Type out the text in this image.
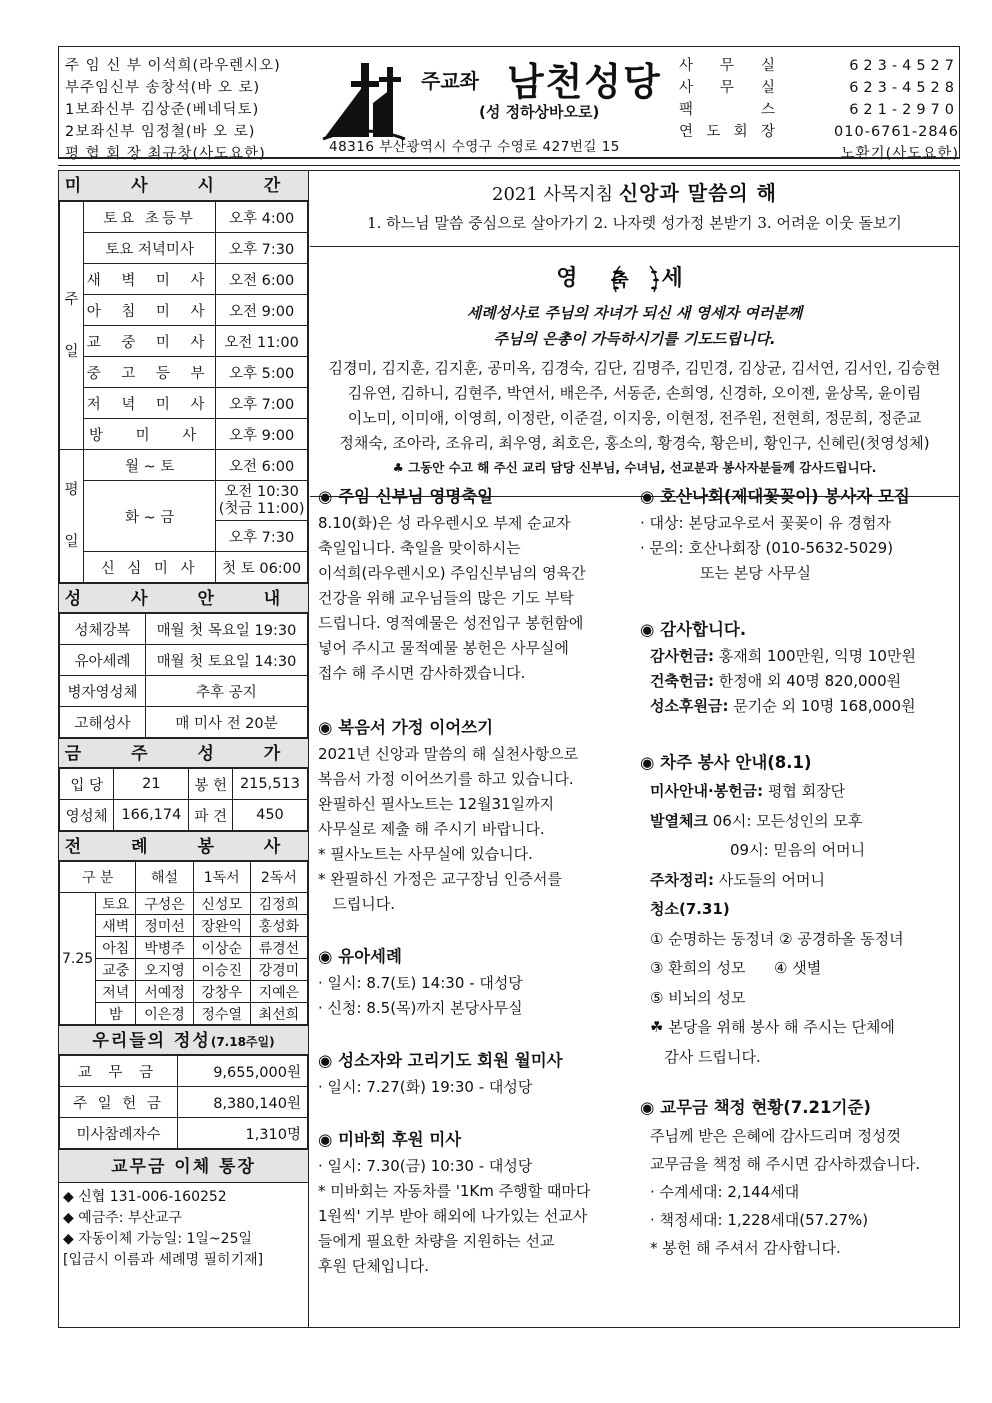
주 임 신 부 이석희(라우렌시오)
부주임신부 송창석(바 오 로)
1보좌신부 김상준(베네딕토)
2보좌신부 임정철(바 오 로)
평 협 회 장 최규창(사도요한)
주교좌 남천성당
(성 정하상바오로)
48316 부산광역시 수영구 수영로 427번길 15
사 무 실	623-4527
사 무 실	623-4528
팩	스	621-2970
연 도 회 장	010-6761-2846
노환기(사도요한)
미 사 시 간
주

일	토요 초등부	오후 4:00
	토요 저녁미사	오후 7:30
	새 벽 미 사	오전 6:00
	아 침 미 사	오전 9:00
	교 중 미 사	오전 11:00
	중 고 등 부	오후 5:00
	저 녁 미 사	오후 7:00
	방 미 사	오후 9:00
평

일	월 ~ 토	오전 6:00
	화 ~ 금	오전 10:30
(첫금 11:00)
		오후 7:30
	신 심 미 사	첫 토 06:00
성 사 안 내
성체강복	매월 첫 목요일 19:30
유아세례	매월 첫 토요일 14:30
병자영성체	추후 공지
고해성사	매 미사 전 20분
금 주 성 가
입 당	21	봉 헌	215,513
영성체	166,174	파 견	450
전 례 봉 사
구 분		해설	1독서	2독서
7.25	토요	구성은	신성모	김정희
	새벽	정미선	장완익	홍성화
	아침	박병주	이상순	류경선
	교중	오지영	이승진	강경미
	저녁	서예정	강창우	지예은
	밤	이은경	정수열	최선희
우리들의 정성(7.18주일)
교 무 금	9,655,000원
주 일 헌 금	8,380,140원
미사참례자수	1,310명
교무금 이체 통장
◆ 신협 131-006-160252
◆ 예금주: 부산교구
◆ 자동이체 가능일: 1일~25일
[입금시 이름과 세례명 필히기재]
2021 사목지침 신앙과 말씀의 해
1. 하느님 말씀 중심으로 살아가기 2. 나자렛 성가정 본받기 3. 어려운 이웃 돌보기
영 축 세
세례성사로 주님의 자녀가 되신 새 영세자 여러분께
주님의 은총이 가득하시기를 기도드립니다.
김경미, 김지훈, 김지훈, 공미옥, 김경숙, 김단, 김명주, 김민경, 김상균, 김서연, 김서인, 김승현
김유연, 김하니, 김현주, 박연서, 배은주, 서동준, 손희영, 신경하, 오이젠, 윤상목, 윤이림
이노미, 이미애, 이영희, 이정란, 이준걸, 이지웅, 이현정, 전주원, 전현희, 정문희, 정준교
정채숙, 조아라, 조유리, 최우영, 최호은, 홍소의, 황경숙, 황은비, 황인구, 신혜린(첫영성체)
♣ 그동안 수고 해 주신 교리 담당 신부님, 수녀님, 선교분과 봉사자분들께 감사드립니다.
◉ 주임 신부님 영명축일
8.10(화)은 성 라우렌시오 부제 순교자
축일입니다. 축일을 맞이하시는
이석희(라우렌시오) 주임신부님의 영육간
건강을 위해 교우님들의 많은 기도 부탁
드립니다. 영적예물은 성전입구 봉헌함에
넣어 주시고 물적예물 봉헌은 사무실에
접수 해 주시면 감사하겠습니다.
◉ 복음서 가정 이어쓰기
2021년 신앙과 말씀의 해 실천사항으로
복음서 가정 이어쓰기를 하고 있습니다.
완필하신 필사노트는 12월31일까지
사무실로 제출 해 주시기 바랍니다.
* 필사노트는 사무실에 있습니다.
* 완필하신 가정은 교구장님 인증서를
드립니다.
◉ 유아세례
· 일시: 8.7(토) 14:30 - 대성당
· 신청: 8.5(목)까지 본당사무실
◉ 성소자와 고리기도 회원 월미사
· 일시: 7.27(화) 19:30 - 대성당
◉ 미바회 후원 미사
· 일시: 7.30(금) 10:30 - 대성당
* 미바회는 자동차를 '1Km 주행할 때마다
1원씩' 기부 받아 해외에 나가있는 선교사
들에게 필요한 차량을 지원하는 선교
후원 단체입니다.
◉ 호산나회(제대꽃꽂이) 봉사자 모집
· 대상: 본당교우로서 꽃꽂이 유 경험자
· 문의: 호산나회장 (010-5632-5029)
또는 본당 사무실
◉ 감사합니다.
감사헌금: 홍재희 100만원, 익명 10만원
건축헌금: 한정애 외 40명 820,000원
성소후원금: 문기순 외 10명 168,000원
◉ 차주 봉사 안내(8.1)
미사안내·봉헌금: 평협 회장단
발열체크 06시: 모든성인의 모후
09시: 믿음의 어머니
주차정리: 사도들의 어머니
청소(7.31)
① 순명하는 동정녀 ② 공경하올 동정녀
③ 환희의 성모      ④ 샛별
⑤ 비뇌의 성모
☘ 본당을 위해 봉사 해 주시는 단체에
감사 드립니다.
◉ 교무금 책정 현황(7.21기준)
주님께 받은 은혜에 감사드리며 정성껏
교무금을 책정 해 주시면 감사하겠습니다.
· 수계세대: 2,144세대
· 책정세대: 1,228세대(57.27%)
* 봉헌 해 주셔서 감사합니다.
